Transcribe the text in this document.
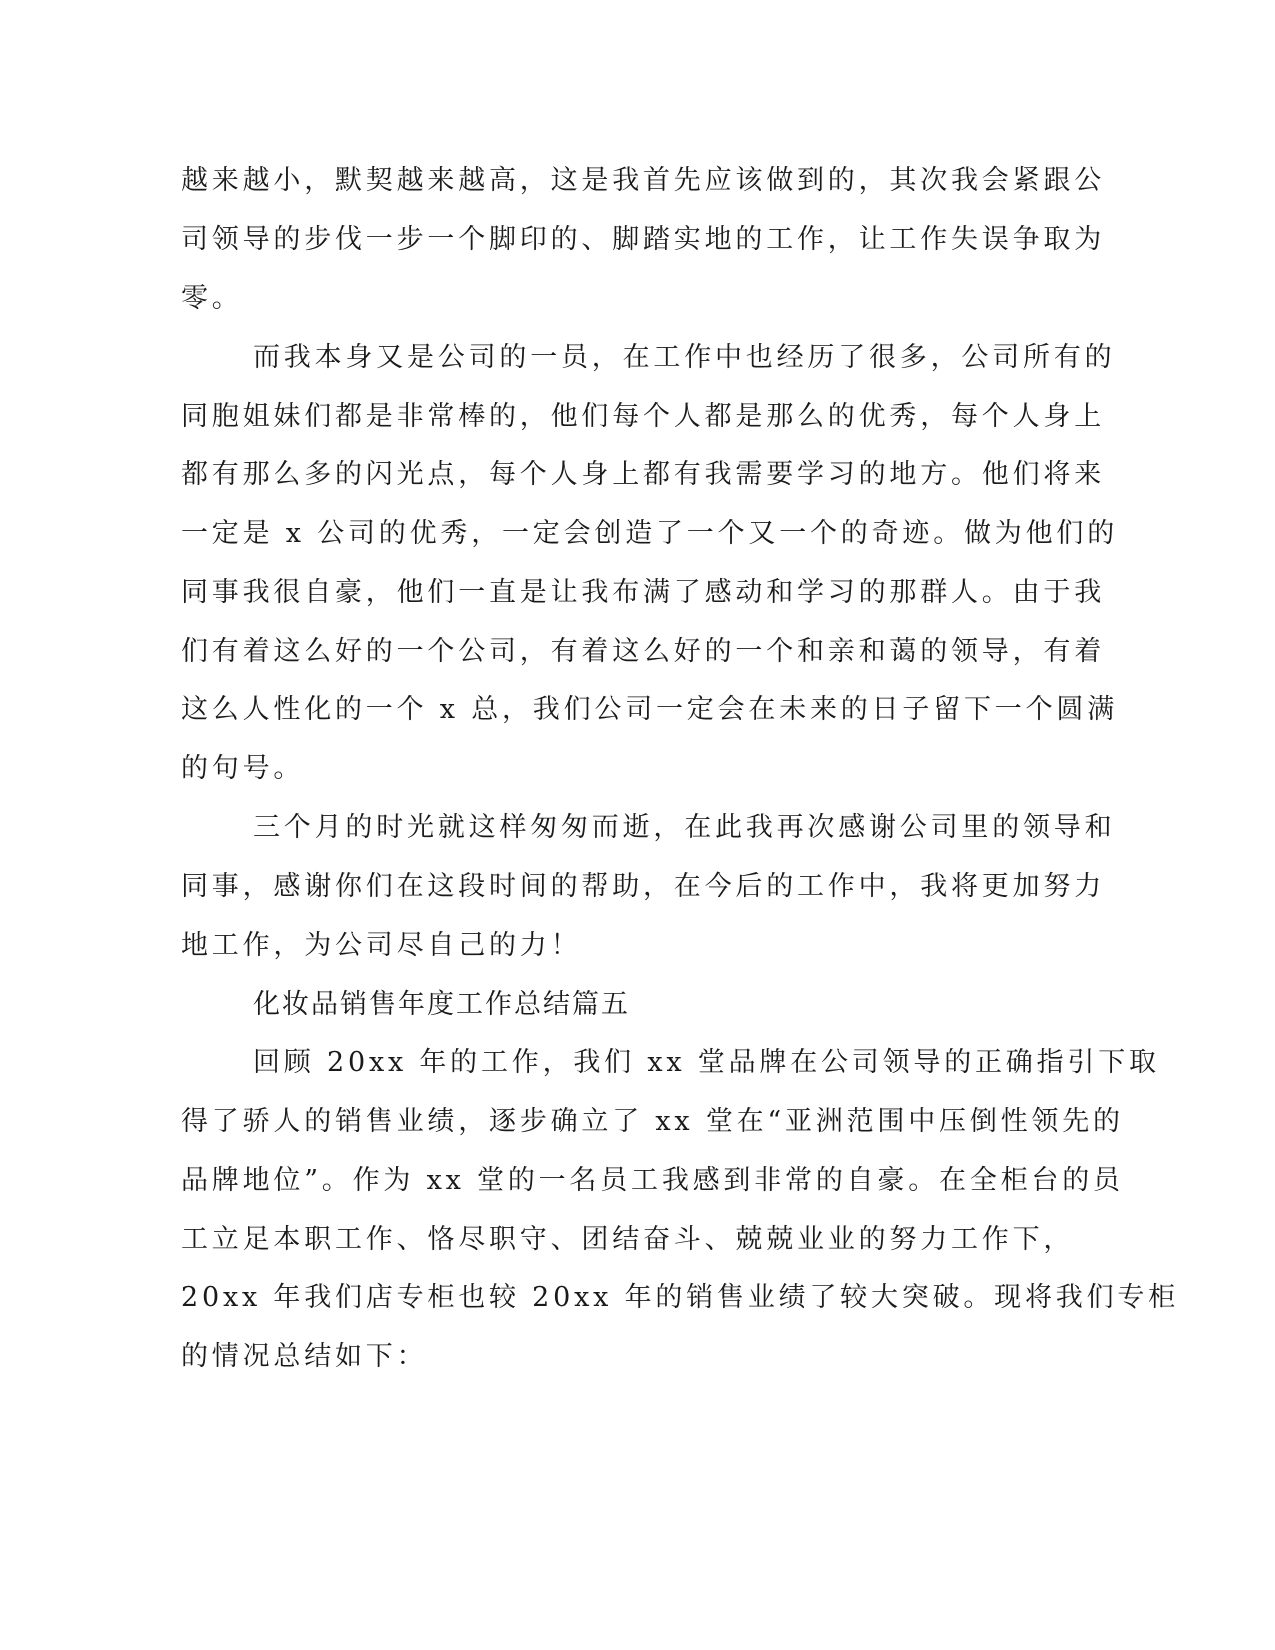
越来越小，默契越来越高，这是我首先应该做到的，其次我会紧跟公
司领导的步伐一步一个脚印的、脚踏实地的工作，让工作失误争取为
零。
而我本身又是公司的一员，在工作中也经历了很多，公司所有的
同胞姐妹们都是非常棒的，他们每个人都是那么的优秀，每个人身上
都有那么多的闪光点，每个人身上都有我需要学习的地方。他们将来
一定是 x 公司的优秀，一定会创造了一个又一个的奇迹。做为他们的
同事我很自豪，他们一直是让我布满了感动和学习的那群人。由于我
们有着这么好的一个公司，有着这么好的一个和亲和蔼的领导，有着
这么人性化的一个 x 总，我们公司一定会在未来的日子留下一个圆满
的句号。
三个月的时光就这样匆匆而逝，在此我再次感谢公司里的领导和
同事，感谢你们在这段时间的帮助，在今后的工作中，我将更加努力
地工作，为公司尽自己的力！
化妆品销售年度工作总结篇五
回顾 20xx 年的工作，我们 xx 堂品牌在公司领导的正确指引下取
得了骄人的销售业绩，逐步确立了 xx 堂在“亚洲范围中压倒性领先的
品牌地位”。作为 xx 堂的一名员工我感到非常的自豪。在全柜台的员
工立足本职工作、恪尽职守、团结奋斗、兢兢业业的努力工作下，
20xx 年我们店专柜也较 20xx 年的销售业绩了较大突破。现将我们专柜
的情况总结如下：
